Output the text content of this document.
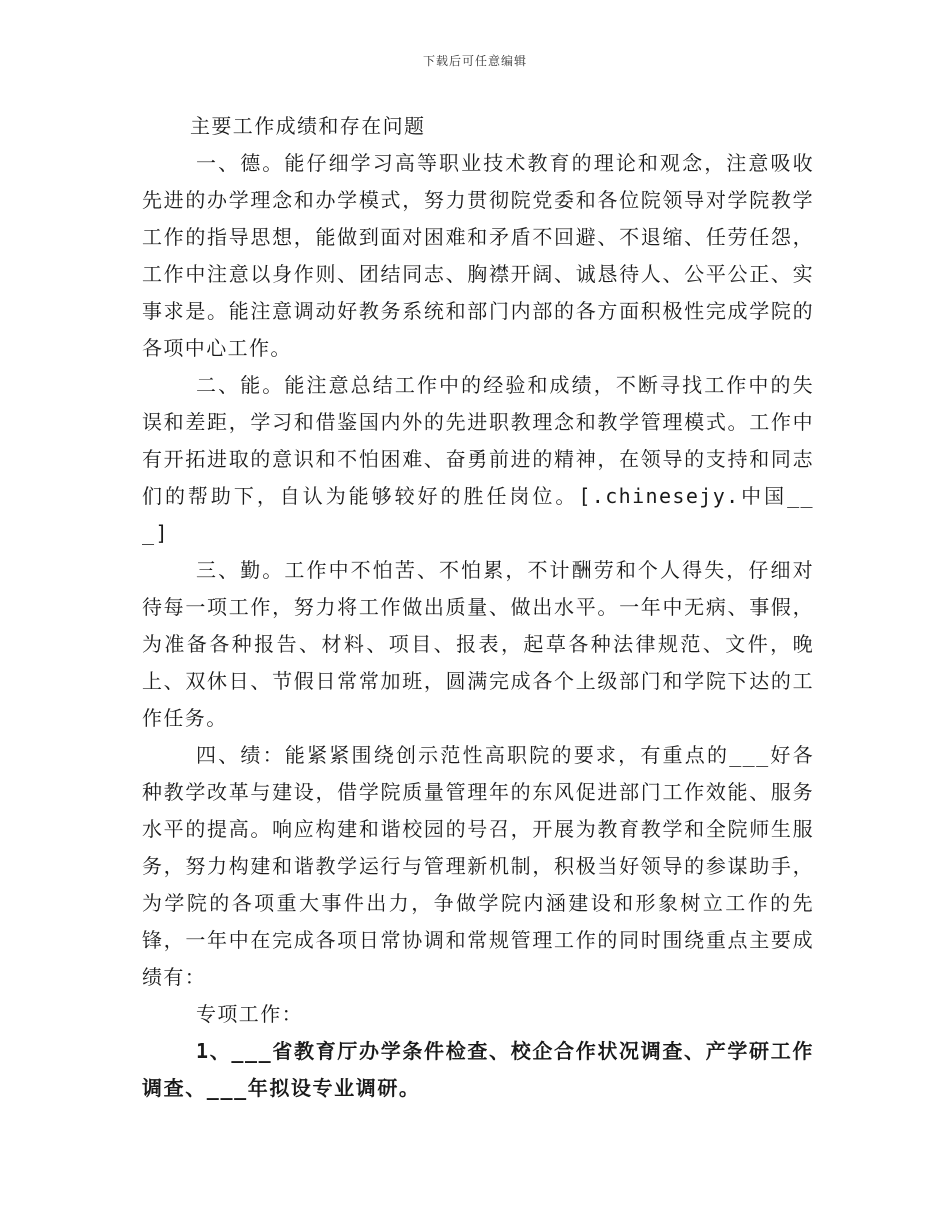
下载后可任意编辑

主要工作成绩和存在问题

一、德。能仔细学习高等职业技术教育的理论和观念，注意吸收先进的办学理念和办学模式，努力贯彻院党委和各位院领导对学院教学工作的指导思想，能做到面对困难和矛盾不回避、不退缩、任劳任怨，工作中注意以身作则、团结同志、胸襟开阔、诚恳待人、公平公正、实事求是。能注意调动好教务系统和部门内部的各方面积极性完成学院的各项中心工作。

二、能。能注意总结工作中的经验和成绩，不断寻找工作中的失误和差距，学习和借鉴国内外的先进职教理念和教学管理模式。工作中有开拓进取的意识和不怕困难、奋勇前进的精神，在领导的支持和同志们的帮助下，自认为能够较好的胜任岗位。[.chinesejy.中国__ _]

三、勤。工作中不怕苦、不怕累，不计酬劳和个人得失，仔细对待每一项工作，努力将工作做出质量、做出水平。一年中无病、事假，为准备各种报告、材料、项目、报表，起草各种法律规范、文件，晚上、双休日、节假日常常加班，圆满完成各个上级部门和学院下达的工作任务。

四、绩：能紧紧围绕创示范性高职院的要求，有重点的___好各种教学改革与建设，借学院质量管理年的东风促进部门工作效能、服务水平的提高。响应构建和谐校园的号召，开展为教育教学和全院师生服务，努力构建和谐教学运行与管理新机制，积极当好领导的参谋助手，为学院的各项重大事件出力，争做学院内涵建设和形象树立工作的先锋，一年中在完成各项日常协调和常规管理工作的同时围绕重点主要成绩有：

专项工作：

1、___省教育厅办学条件检查、校企合作状况调查、产学研工作调查、___年拟设专业调研。
